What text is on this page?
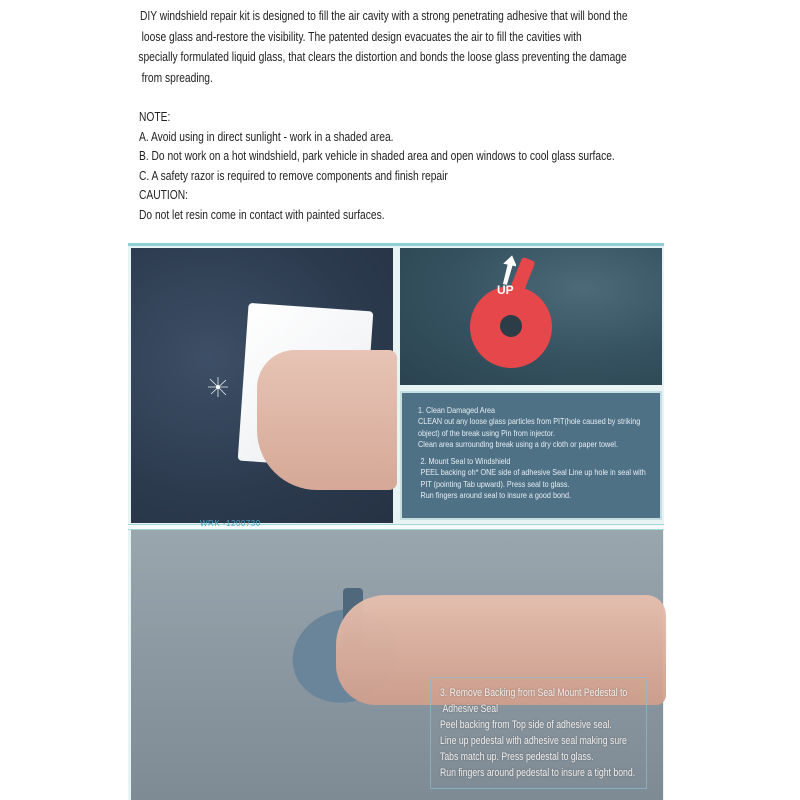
DIY windshield repair kit is designed to fill the air cavity with a strong penetrating adhesive that will bond the

loose glass and-restore the visibility. The patented design evacuates the air to fill the cavities with

specially formulated liquid glass, that clears the distortion and bonds the loose glass preventing the damage

from spreading.

NOTE:
A. Avoid using in direct sunlight - work in a shaded area.
B. Do not work on a hot windshield, park vehicle in shaded area and open windows to cool glass surface.
C. A safety razor is required to remove components and finish repair
CAUTION:
Do not let resin come in contact with painted surfaces.
UP
1. Clean Damaged Area
CLEAN out any loose glass particles from PIT(hole caused by striking
object) of the break using Pin from injector.
Clean area surrounding break using a dry cloth or paper towel.
2. Mount Seal to Windshield
PEEL backing oh* ONE side of adhesive Seal Line up hole in seal with
PIT (pointing Tab upward). Press seal to glass.
Run fingers around seal to insure a good bond.
WRK -1200730
3. Remove Backing from Seal Mount Pedestal to
Adhesive Seal
Peel backing from Top side of adhesive seal.
Line up pedestal with adhesive seal making sure
Tabs match up. Press pedestal to glass.
Run fingers around pedestal to insure a tight bond.
